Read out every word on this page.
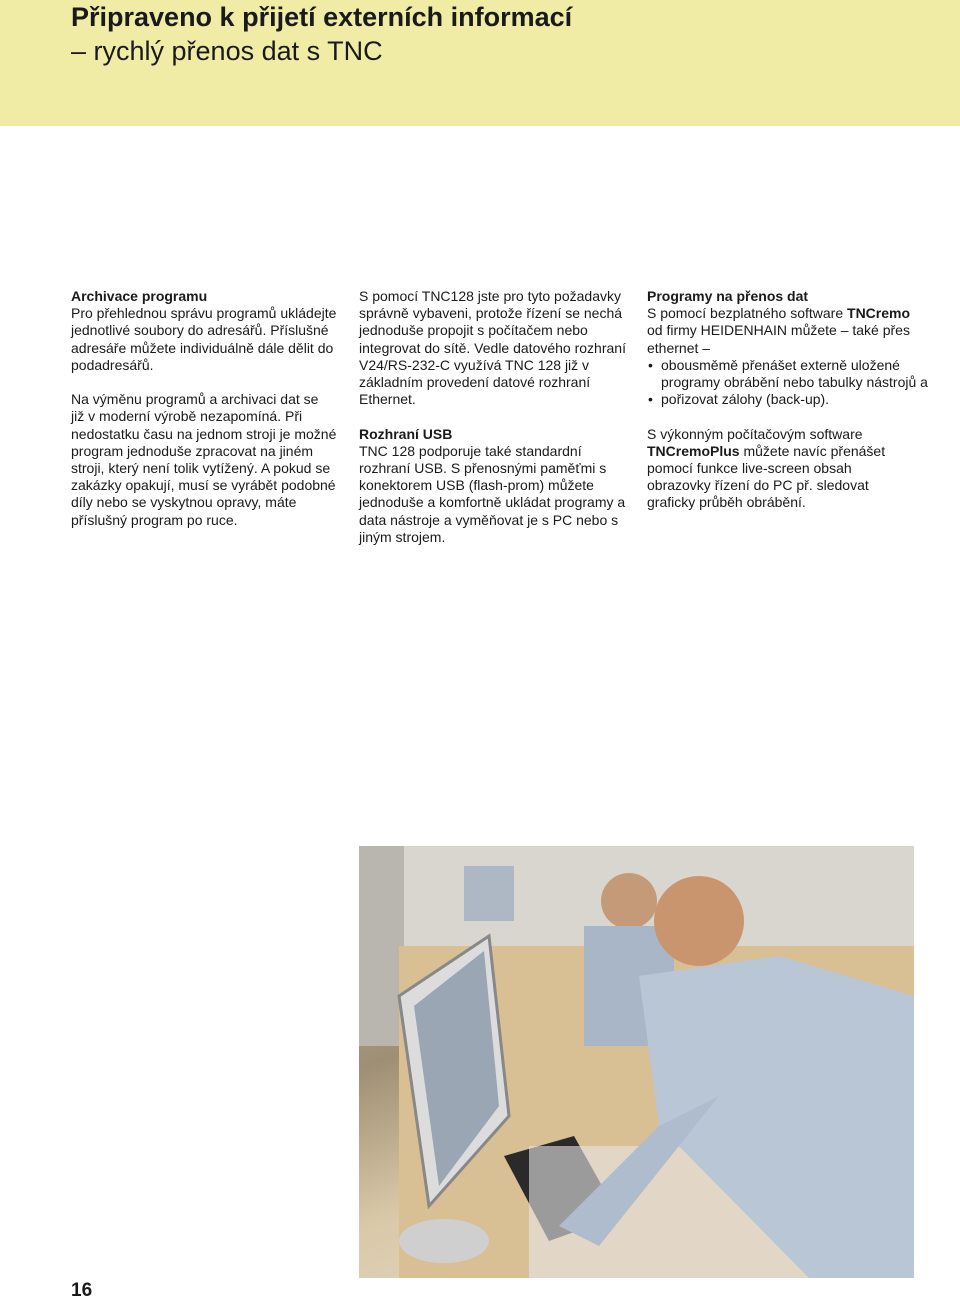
Připraveno k přijetí externích informací
– rychlý přenos dat s TNC
Archivace programu
Pro přehlednou správu programů ukládejte
jednotlivé soubory do adresářů. Příslušné
adresáře můžete individuálně dále dělit do
podadresářů.
Na výměnu programů a archivaci dat se
již v moderní výrobě nezapomíná. Při
nedostatku času na jednom stroji je možné
program jednoduše zpracovat na jiném
stroji, který není tolik vytížený. A pokud se
zakázky opakují, musí se vyrábět podobné
díly nebo se vyskytnou opravy, máte
příslušný program po ruce.
S pomocí TNC128 jste pro tyto požadavky
správně vybaveni, protože řízení se nechá
jednoduše propojit s počítačem nebo
integrovat do sítě. Vedle datového rozhraní
V24/RS-232-C využívá TNC 128 již v
základním provedení datové rozhraní
Ethernet.
Rozhraní USB
TNC 128 podporuje také standardní
rozhraní USB. S přenosnými paměťmi s
konektorem USB (flash-prom) můžete
jednoduše a komfortně ukládat programy a
data nástroje a vyměňovat je s PC nebo s
jiným strojem.
Programy na přenos dat
S pomocí bezplatného software TNCremo
od firmy HEIDENHAIN můžete – také přes
ethernet –
• obousměmě přenášet externě uložené
programy obrábění nebo tabulky nástrojů a
• pořizovat zálohy (back-up).
S výkonným počítačovým software
TNCremoPlus můžete navíc přenášet
pomocí funkce live-screen obsah
obrazovky řízení do PC př. sledovat
graficky průběh obrábění.
16
